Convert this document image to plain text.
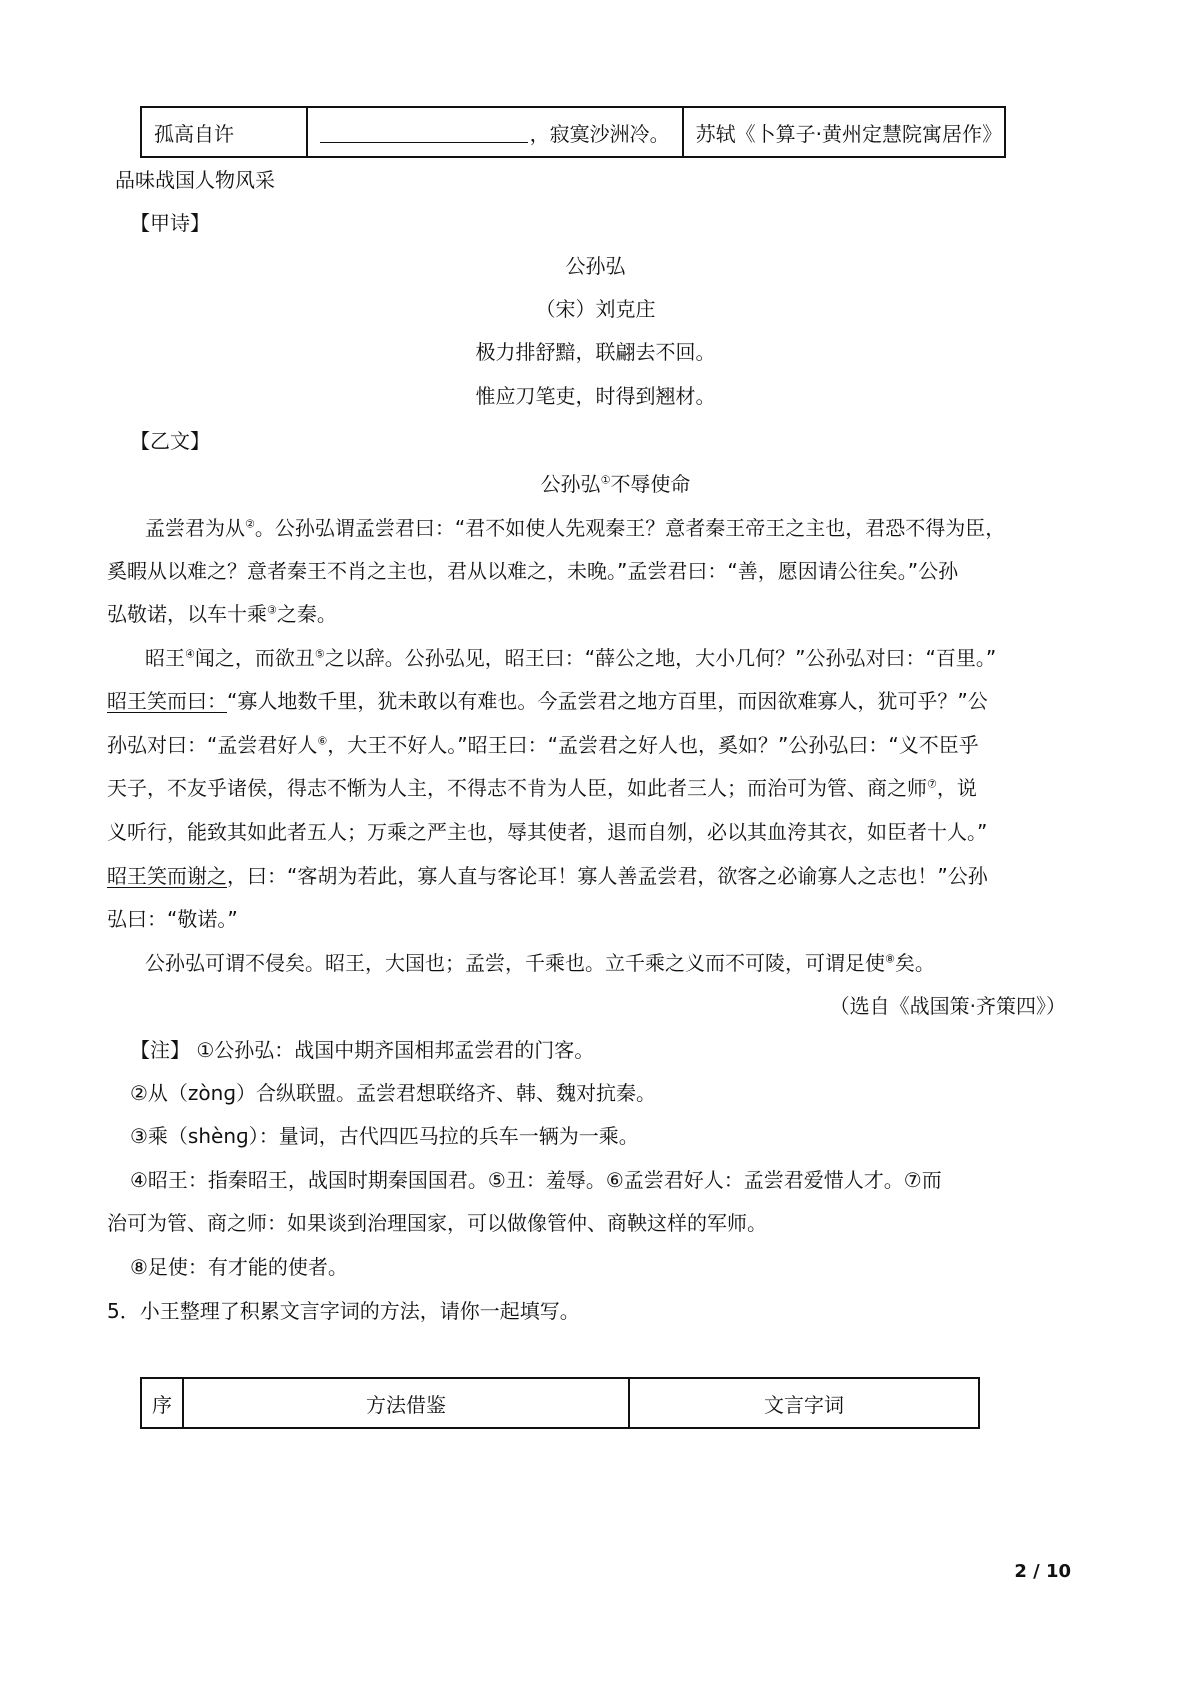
孤高自许	，寂寞沙洲冷。	苏轼《卜算子·黄州定慧院寓居作》
品味战国人物风采
【甲诗】
公孙弘
（宋）刘克庄
极力排舒黯，联翩去不回。
惟应刀笔吏，时得到翘材。
【乙文】
公孙弘①不辱使命
孟尝君为从②。公孙弘谓孟尝君曰：“君不如使人先观秦王？意者秦王帝王之主也，君恐不得为臣，
奚暇从以难之？意者秦王不肖之主也，君从以难之，未晚。”孟尝君曰：“善，愿因请公往矣。”公孙
弘敬诺，以车十乘③之秦。
昭王④闻之，而欲丑⑤之以辞。公孙弘见，昭王曰：“薛公之地，大小几何？”公孙弘对曰：“百里。”
昭王笑而曰：“寡人地数千里，犹未敢以有难也。今孟尝君之地方百里，而因欲难寡人，犹可乎？”公
孙弘对曰：“孟尝君好人⑥，大王不好人。”昭王曰：“孟尝君之好人也，奚如？”公孙弘曰：“义不臣乎
天子，不友乎诸侯，得志不惭为人主，不得志不肯为人臣，如此者三人；而治可为管、商之师⑦，说
义听行，能致其如此者五人；万乘之严主也，辱其使者，退而自刎，必以其血洿其衣，如臣者十人。”
昭王笑而谢之，曰：“客胡为若此，寡人直与客论耳！寡人善孟尝君，欲客之必谕寡人之志也！”公孙
弘曰：“敬诺。”
公孙弘可谓不侵矣。昭王，大国也；孟尝，千乘也。立千乘之义而不可陵，可谓足使⑧矣。
（选自《战国策·齐策四》）
【注】 ①公孙弘：战国中期齐国相邦孟尝君的门客。
②从（zònɡ）合纵联盟。孟尝君想联络齐、韩、魏对抗秦。
③乘（shènɡ）：量词，古代四匹马拉的兵车一辆为一乘。
④昭王：指秦昭王，战国时期秦国国君。⑤丑：羞辱。⑥孟尝君好人：孟尝君爱惜人才。⑦而
治可为管、商之师：如果谈到治理国家，可以做像管仲、商鞅这样的军师。
⑧足使：有才能的使者。
5．小王整理了积累文言字词的方法，请你一起填写。
序	方法借鉴	文言字词
2 / 10
